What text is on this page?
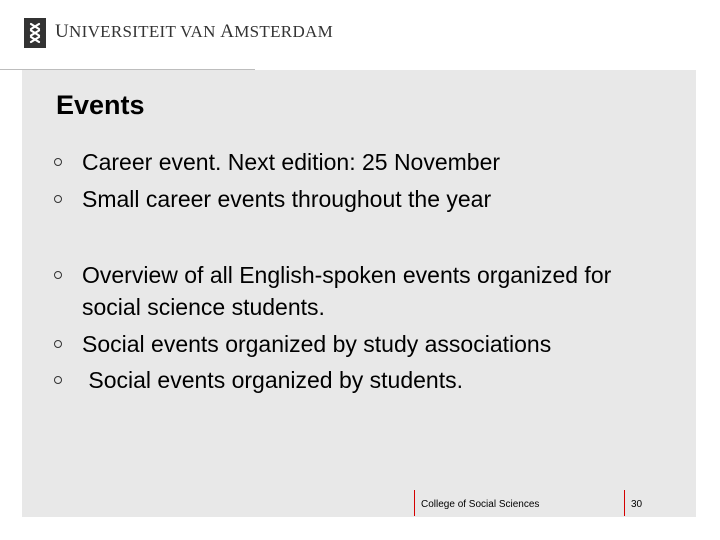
UNIVERSITEIT VAN AMSTERDAM
Events
Career event. Next edition: 25 November
Small career events throughout the year
Overview of all English-spoken events organized for
social science students.
Social events organized by study associations
Social events organized by students.
College of Social Sciences	30
